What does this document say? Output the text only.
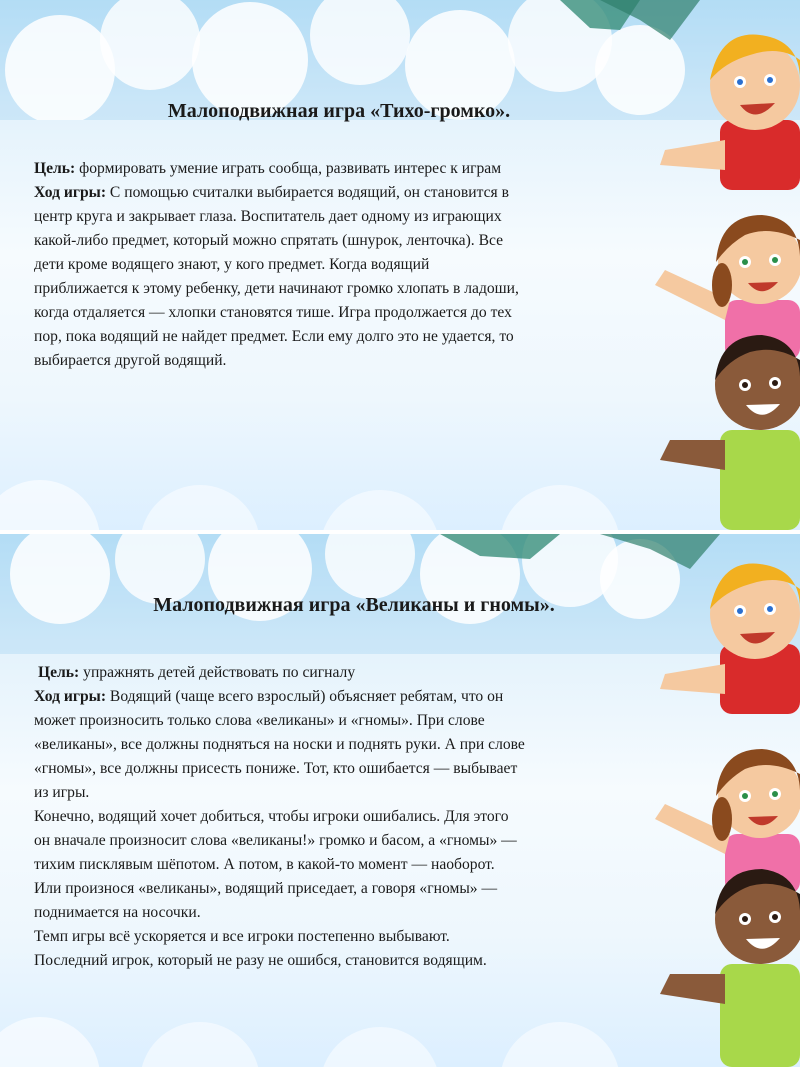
Малоподвижная игра «Тихо-громко».

Цель: формировать умение играть сообща, развивать интерес к играм
Ход игры: С помощью считалки выбирается водящий, он становится в
центр круга и закрывает глаза. Воспитатель дает одному из играющих
какой-либо предмет, который можно спрятать (шнурок, ленточка). Все
дети кроме водящего знают, у кого предмет. Когда водящий
приближается к этому ребенку, дети начинают громко хлопать в ладоши,
когда отдаляется — хлопки становятся тише. Игра продолжается до тех
пор, пока водящий не найдет предмет. Если ему долго это не удается, то
выбирается другой водящий.

Малоподвижная игра «Великаны и гномы».

Цель: упражнять детей действовать по сигналу
Ход игры: Водящий (чаще всего взрослый) объясняет ребятам, что он
может произносить только слова «великаны» и «гномы». При слове
«великаны», все должны подняться на носки и поднять руки. А при слове
«гномы», все должны присесть пониже. Тот, кто ошибается — выбывает
из игры.
Конечно, водящий хочет добиться, чтобы игроки ошибались. Для этого
он вначале произносит слова «великаны!» громко и басом, а «гномы» —
тихим писклявым шёпотом. А потом, в какой-то момент — наоборот.
Или произнося «великаны», водящий приседает, а говоря «гномы» —
поднимается на носочки.
Темп игры всё ускоряется и все игроки постепенно выбывают.
Последний игрок, который не разу не ошибся, становится водящим.
